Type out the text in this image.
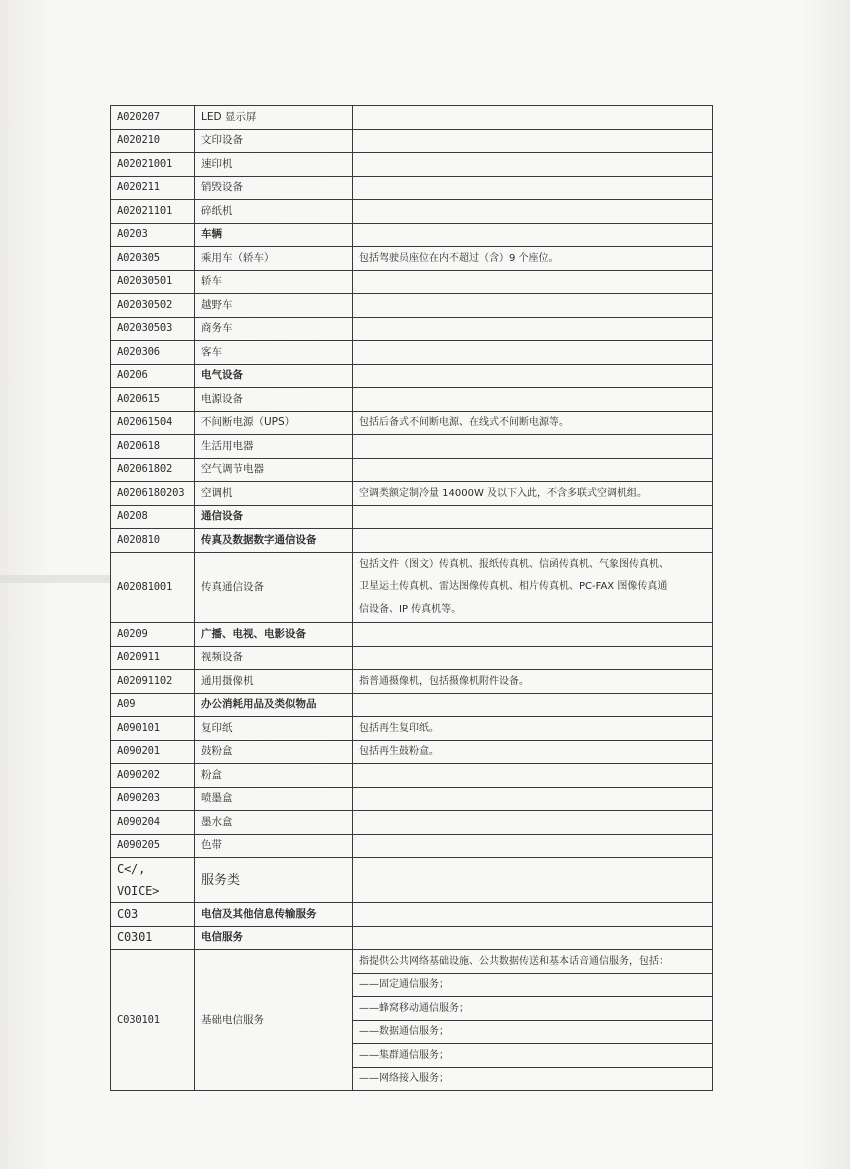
A020207	LED 显示屏	
A020210	文印设备	
A02021001	速印机	
A020211	销毁设备	
A02021101	碎纸机	
A0203	车辆	
A020305	乘用车（轿车）	包括驾驶员座位在内不超过（含）9 个座位。
A02030501	轿车	
A02030502	越野车	
A02030503	商务车	
A020306	客车	
A0206	电气设备	
A020615	电源设备	
A02061504	不间断电源（UPS）	包括后备式不间断电源、在线式不间断电源等。
A020618	生活用电器	
A02061802	空气调节电器	
A0206180203	空调机	空调类额定制冷量 14000W 及以下入此，不含多联式空调机组。
A0208	通信设备	
A020810	传真及数据数字通信设备	
A02081001	传真通信设备	包括文件（图文）传真机、报纸传真机、信函传真机、气象图传真机、
卫星运土传真机、雷达图像传真机、相片传真机、PC-FAX 图像传真通
信设备、IP 传真机等。

A0209	广播、电视、电影设备	
A020911	视频设备	
A02091102	通用摄像机	指普通摄像机，包括摄像机附件设备。
A09	办公消耗用品及类似物品	
A090101	复印纸	包括再生复印纸。
A090201	鼓粉盒	包括再生鼓粉盒。
A090202	粉盒	
A090203	喷墨盒	
A090204	墨水盒	
A090205	色带	

C</,
VOICE>	服务类	
C03	电信及其他信息传输服务	
C0301	电信服务	
C030101	基础电信服务	指提供公共网络基础设施、公共数据传送和基本话音通信服务，包括：
		——固定通信服务；
		——蜂窝移动通信服务；
		——数据通信服务；
		——集群通信服务；
		——网络接入服务；
